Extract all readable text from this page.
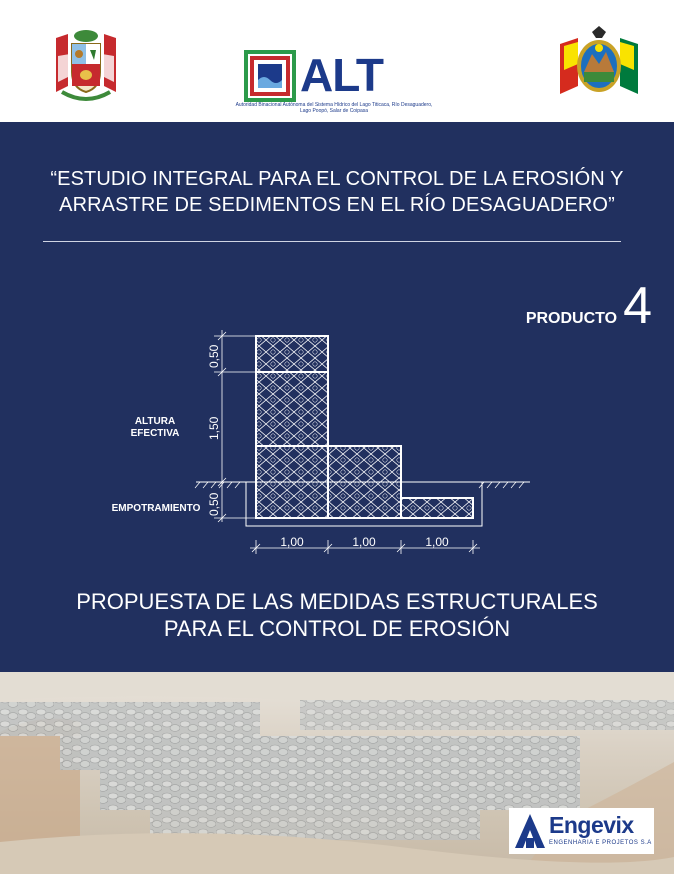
ALT
Autoridad Binacional Autónoma del Sistema Hídrico del Lago Titicaca, Río Desaguadero, Lago Poopó, Salar de Coipasa
“ESTUDIO INTEGRAL PARA EL CONTROL DE LA EROSIÓN Y
ARRASTRE DE SEDIMENTOS EN EL RÍO DESAGUADERO”
PRODUCTO 4
0,50
1,50
0,50
1,00	1,00	1,00
ALTURA
EFECTIVA
EMPOTRAMIENTO
PROPUESTA DE LAS MEDIDAS ESTRUCTURALES
PARA EL CONTROL DE EROSIÓN
Engevix
ENGENHARIA E PROJETOS S.A
